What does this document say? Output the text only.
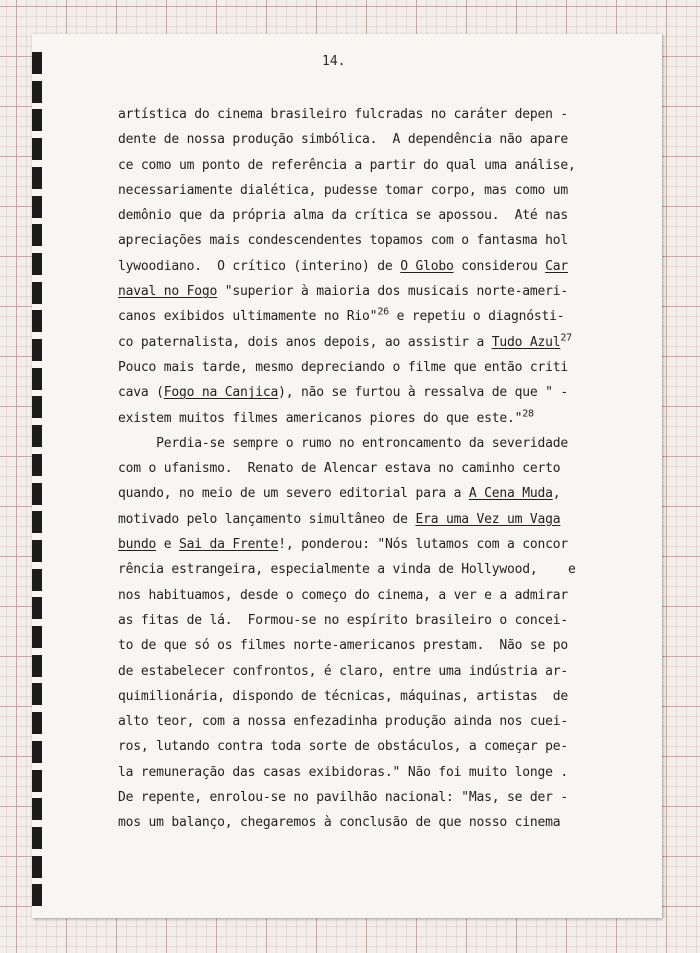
14.
artística do cinema brasileiro fulcradas no caráter depen -
dente de nossa produção simbólica.  A dependência não apare
ce como um ponto de referência a partir do qual uma análise,
necessariamente dialética, pudesse tomar corpo, mas como um
demônio que da própria alma da crítica se apossou.  Até nas
apreciações mais condescendentes topamos com o fantasma hol
lywoodiano.  O crítico (interino) de O Globo considerou Car
naval no Fogo "superior à maioria dos musicais norte-ameri-
canos exibidos ultimamente no Rio"$^{26}$ e repetiu o diagnósti-
co paternalista, dois anos depois, ao assistir a Tudo Azul$^{27}$
Pouco mais tarde, mesmo depreciando o filme que então criti
cava (Fogo na Canjica), não se furtou à ressalva de que " -
existem muitos filmes americanos piores do que este."$^{28}$
Perdia-se sempre o rumo no entroncamento da severidade
com o ufanismo.  Renato de Alencar estava no caminho certo
quando, no meio de um severo editorial para a A Cena Muda,
motivado pelo lançamento simultâneo de Era uma Vez um Vaga
bundo e Sai da Frente!, ponderou: "Nós lutamos com a concor
rência estrangeira, especialmente a vinda de Hollywood,    e
nos habituamos, desde o começo do cinema, a ver e a admirar
as fitas de lá.  Formou-se no espírito brasileiro o concei-
to de que só os filmes norte-americanos prestam.  Não se po
de estabelecer confrontos, é claro, entre uma indústria ar-
quimilionária, dispondo de técnicas, máquinas, artistas  de
alto teor, com a nossa enfezadinha produção ainda nos cuei-
ros, lutando contra toda sorte de obstáculos, a começar pe-
la remuneração das casas exibidoras." Não foi muito longe .
De repente, enrolou-se no pavilhão nacional: "Mas, se der -
mos um balanço, chegaremos à conclusão de que nosso cinema
